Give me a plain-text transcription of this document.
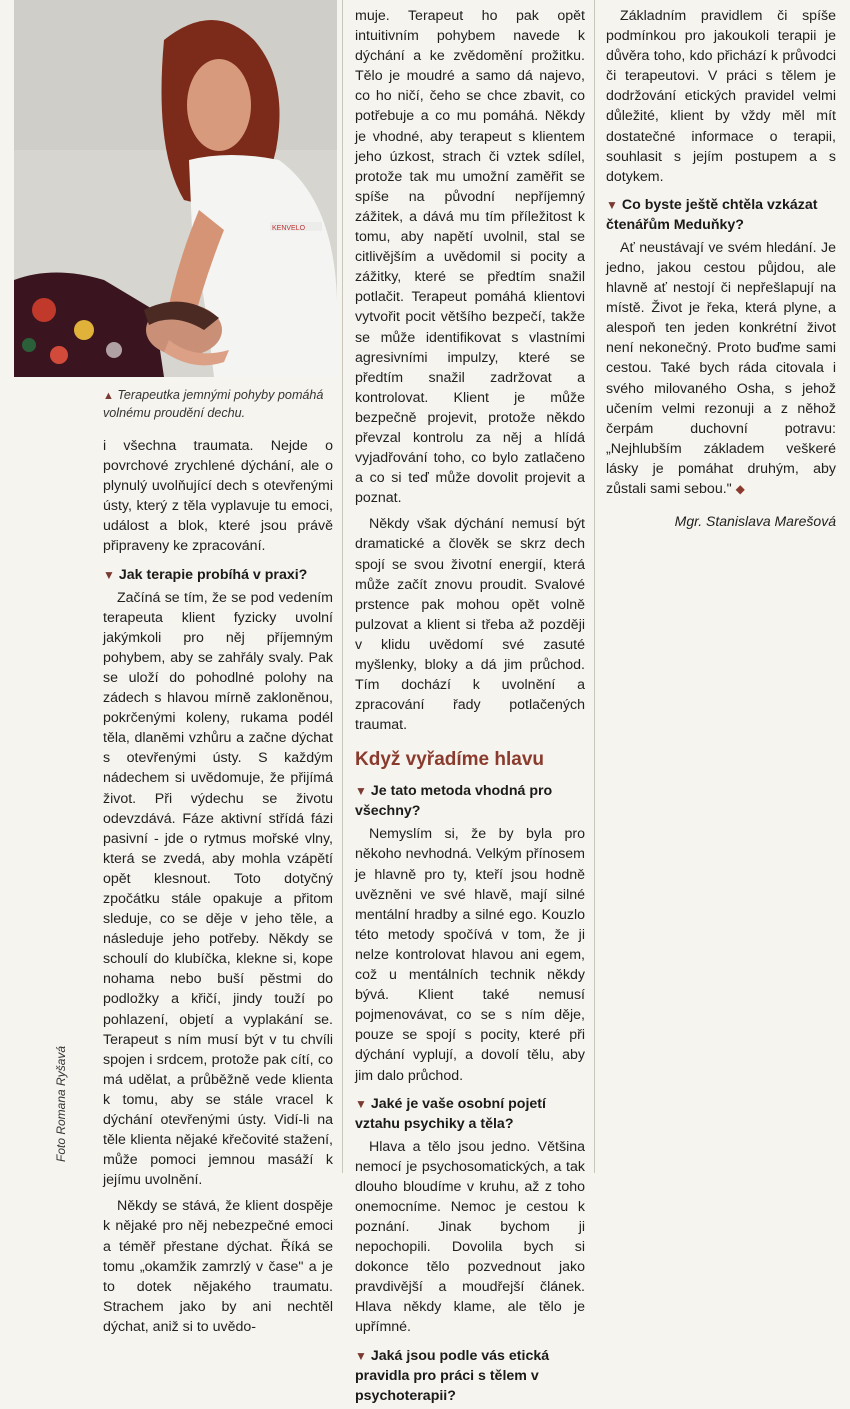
KENVELO
▲ Terapeutka jemnými pohyby pomáhá volnému proudění dechu.
Foto Romana Ryšavá

i všechna traumata. Nejde o povrchové zrychlené dýchání, ale o plynulý uvolňující dech s otevřenými ústy, který z těla vyplavuje tu emoci, událost a blok, které jsou právě připraveny ke zpracování.

▼ Jak terapie probíhá v praxi?

Začíná se tím, že se pod vedením terapeuta klient fyzicky uvolní jakýmkoli pro něj příjemným pohybem, aby se zahřály svaly. Pak se uloží do pohodlné polohy na zádech s hlavou mírně zakloněnou, pokrčenými koleny, rukama podél těla, dlaněmi vzhůru a začne dýchat s otevřenými ústy. S každým nádechem si uvědomuje, že přijímá život. Při výdechu se životu odevzdává. Fáze aktivní střídá fázi pasivní - jde o rytmus mořské vlny, která se zvedá, aby mohla vzápětí opět klesnout. Toto dotyčný zpočátku stále opakuje a přitom sleduje, co se děje v jeho těle, a následuje jeho potřeby. Někdy se schoulí do klubíčka, klekne si, kope nohama nebo buší pěstmi do podložky a křičí, jindy touží po pohlazení, objetí a vyplakání se. Terapeut s ním musí být v tu chvíli spojen i srdcem, protože pak cítí, co má udělat, a průběžně vede klienta k tomu, aby se stále vracel k dýchání otevřenými ústy. Vidí-li na těle klienta nějaké křečovité stažení, může pomoci jemnou masáží k jejímu uvolnění.

Někdy se stává, že klient dospěje k nějaké pro něj nebezpečné emoci a téměř přestane dýchat. Říká se tomu „okamžik zamrzlý v čase" a je to dotek nějakého traumatu. Strachem jako by ani nechtěl dýchat, aniž si to uvědo-

muje. Terapeut ho pak opět intuitivním pohybem navede k dýchání a ke zvědomění prožitku. Tělo je moudré a samo dá najevo, co ho ničí, čeho se chce zbavit, co potřebuje a co mu pomáhá. Někdy je vhodné, aby terapeut s klientem jeho úzkost, strach či vztek sdílel, protože tak mu umožní zaměřit se spíše na původní nepříjemný zážitek, a dává mu tím příležitost k tomu, aby napětí uvolnil, stal se citlivějším a uvědomil si pocity a zážitky, které se předtím snažil potlačit. Terapeut pomáhá klientovi vytvořit pocit většího bezpečí, takže se může identifikovat s vlastními agresivními impulzy, které se předtím snažil zadržovat a kontrolovat. Klient je může bezpečně projevit, protože někdo převzal kontrolu za něj a hlídá vyjadřování toho, co bylo zatlačeno a co si teď může dovolit projevit a poznat.

Někdy však dýchání nemusí být dramatické a člověk se skrz dech spojí se svou životní energií, která může začít znovu proudit. Svalové prstence pak mohou opět volně pulzovat a klient si třeba až později v klidu uvědomí své zasuté myšlenky, bloky a dá jim průchod. Tím dochází k uvolnění a zpracování řady potlačených traumat.

Když vyřadíme hlavu
▼ Je tato metoda vhodná pro všechny?

Nemyslím si, že by byla pro někoho nevhodná. Velkým přínosem je hlavně pro ty, kteří jsou hodně uvězněni ve své hlavě, mají silné mentální hradby a silné ego. Kouzlo této metody spočívá v tom, že ji nelze kontrolovat hlavou ani egem, což u mentálních technik někdy bývá. Klient také nemusí pojmenovávat, co se s ním děje, pouze se spojí s pocity, které při dýchání vyplují, a dovolí tělu, aby jim dalo průchod.

▼ Jaké je vaše osobní pojetí vztahu psychiky a těla?

Hlava a tělo jsou jedno. Většina nemocí je psychosomatických, a tak dlouho bloudíme v kruhu, až z toho onemocníme. Nemoc je cestou k poznání. Jinak bychom ji nepochopili. Dovolila bych si dokonce tělo pozvednout jako pravdivější a moudřejší článek. Hlava někdy klame, ale tělo je upřímné.

▼ Jaká jsou podle vás etická pravidla pro práci s tělem v psychoterapii?

Základním pravidlem či spíše podmínkou pro jakoukoli terapii je důvěra toho, kdo přichází k průvodci či terapeutovi. V práci s tělem je dodržování etických pravidel velmi důležité, klient by vždy měl mít dostatečné informace o terapii, souhlasit s jejím postupem a s dotykem.

▼ Co byste ještě chtěla vzkázat čtenářům Meduňky?

Ať neustávají ve svém hledání. Je jedno, jakou cestou půjdou, ale hlavně ať nestojí či nepřešlapují na místě. Život je řeka, která plyne, a alespoň ten jeden konkrétní život není nekonečný. Proto buďme sami cestou. Také bych ráda citovala i svého milovaného Osha, s jehož učením velmi rezonuji a z něhož čerpám duchovní potravu: „Nejhlubším základem veškeré lásky je pomáhat druhým, aby zůstali sami sebou." ◆

Mgr. Stanislava Marešová
